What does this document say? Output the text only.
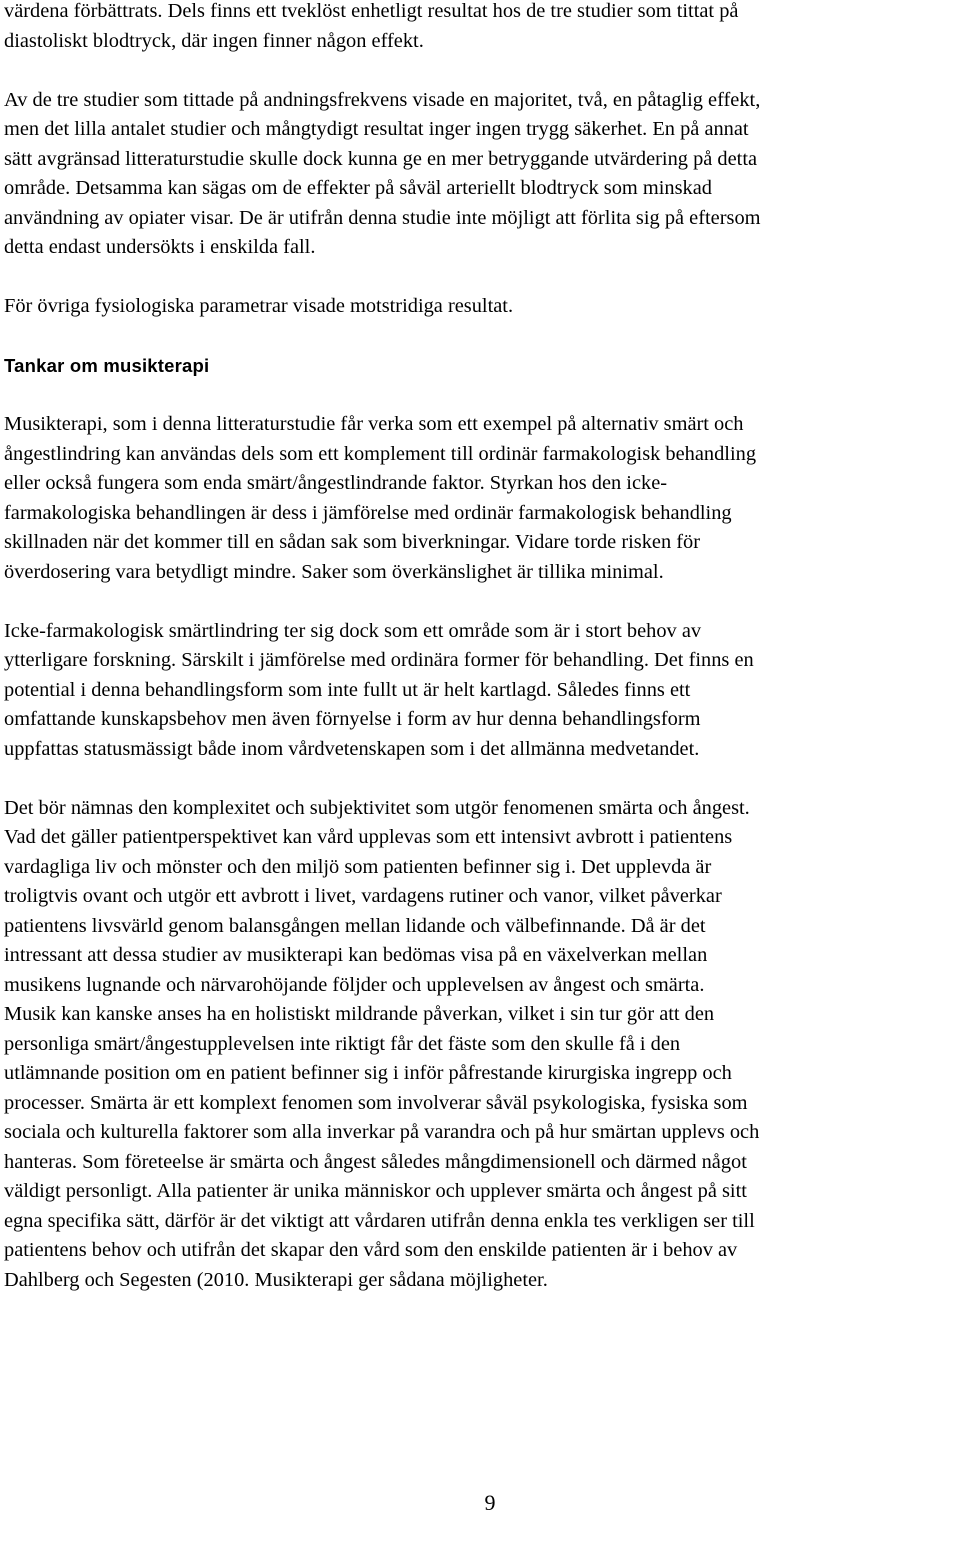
värdena förbättrats. Dels finns ett tveklöst enhetligt resultat hos de tre studier som tittat på
diastoliskt blodtryck, där ingen finner någon effekt.

Av de tre studier som tittade på andningsfrekvens visade en majoritet, två, en påtaglig effekt,
men det lilla antalet studier och mångtydigt resultat inger ingen trygg säkerhet. En på annat
sätt avgränsad litteraturstudie skulle dock kunna ge en mer betryggande utvärdering på detta
område. Detsamma kan sägas om de effekter på såväl arteriellt blodtryck som minskad
användning av opiater visar. De är utifrån denna studie inte möjligt att förlita sig på eftersom
detta endast undersökts i enskilda fall.

För övriga fysiologiska parametrar visade motstridiga resultat.

Tankar om musikterapi

Musikterapi, som i denna litteraturstudie får verka som ett exempel på alternativ smärt och
ångestlindring kan användas dels som ett komplement till ordinär farmakologisk behandling
eller också fungera som enda smärt/ångestlindrande faktor. Styrkan hos den icke-
farmakologiska behandlingen är dess i jämförelse med ordinär farmakologisk behandling
skillnaden när det kommer till en sådan sak som biverkningar. Vidare torde risken för
överdosering vara betydligt mindre. Saker som överkänslighet är tillika minimal.

Icke-farmakologisk smärtlindring ter sig dock som ett område som är i stort behov av
ytterligare forskning. Särskilt i jämförelse med ordinära former för behandling. Det finns en
potential i denna behandlingsform som inte fullt ut är helt kartlagd. Således finns ett
omfattande kunskapsbehov men även förnyelse i form av hur denna behandlingsform
uppfattas statusmässigt både inom vårdvetenskapen som i det allmänna medvetandet.

Det bör nämnas den komplexitet och subjektivitet som utgör fenomenen smärta och ångest.
Vad det gäller patientperspektivet kan vård upplevas som ett intensivt avbrott i patientens
vardagliga liv och mönster och den miljö som patienten befinner sig i. Det upplevda är
troligtvis ovant och utgör ett avbrott i livet, vardagens rutiner och vanor, vilket påverkar
patientens livsvärld genom balansgången mellan lidande och välbefinnande. Då är det
intressant att dessa studier av musikterapi kan bedömas visa på en växelverkan mellan
musikens lugnande och närvarohöjande följder och upplevelsen av ångest och smärta.
Musik kan kanske anses ha en holistiskt mildrande påverkan, vilket i sin tur gör att den
personliga smärt/ångestupplevelsen inte riktigt får det fäste som den skulle få i den
utlämnande position om en patient befinner sig i inför påfrestande kirurgiska ingrepp och
processer. Smärta är ett komplext fenomen som involverar såväl psykologiska, fysiska som
sociala och kulturella faktorer som alla inverkar på varandra och på hur smärtan upplevs och
hanteras. Som företeelse är smärta och ångest således mångdimensionell och därmed något
väldigt personligt. Alla patienter är unika människor och upplever smärta och ångest på sitt
egna specifika sätt, därför är det viktigt att vårdaren utifrån denna enkla tes verkligen ser till
patientens behov och utifrån det skapar den vård som den enskilde patienten är i behov av
Dahlberg och Segesten (2010. Musikterapi ger sådana möjligheter.

9
